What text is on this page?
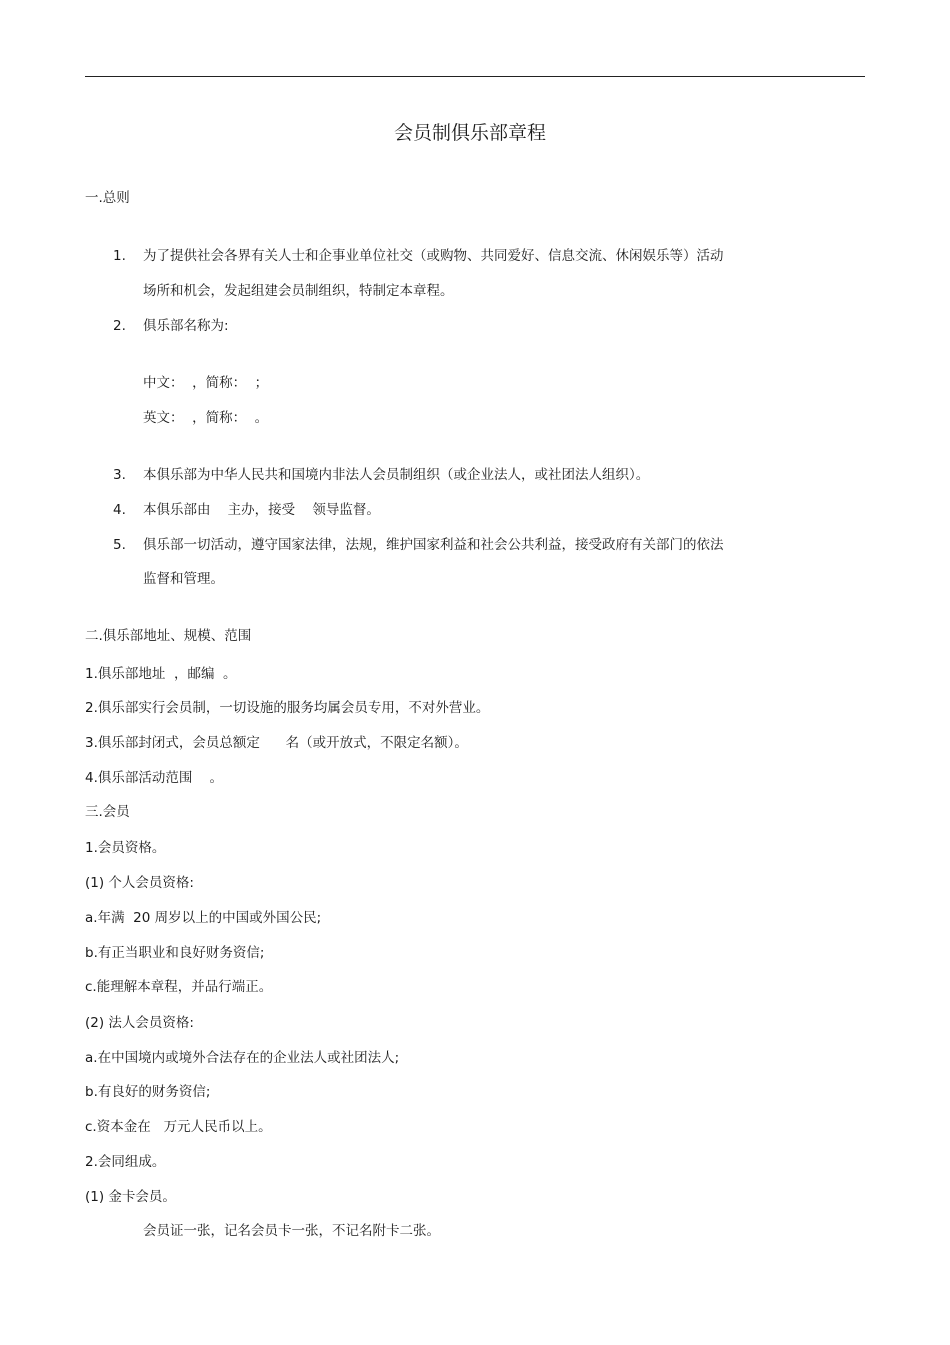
会员制俱乐部章程
一.总则
1. 为了提供社会各界有关人士和企事业单位社交（或购物、共同爱好、信息交流、休闲娱乐等）活动
场所和机会，发起组建会员制组织，特制定本章程。
2. 俱乐部名称为:
中文：  ，简称：  ；
英文：  ，简称：  。
3. 本俱乐部为中华人民共和国境内非法人会员制组织（或企业法人，或社团法人组织）。
4. 本俱乐部由    主办，接受    领导监督。
5. 俱乐部一切活动，遵守国家法律，法规，维护国家利益和社会公共利益，接受政府有关部门的依法
监督和管理。
二.俱乐部地址、规模、范围
1.俱乐部地址  ，邮编  。
2.俱乐部实行会员制，一切设施的服务均属会员专用，不对外营业。
3.俱乐部封闭式，会员总额定      名（或开放式，不限定名额）。
4.俱乐部活动范围    。
三.会员
1.会员资格。
(1) 个人会员资格:
a.年满  20 周岁以上的中国或外国公民;
b.有正当职业和良好财务资信;
c.能理解本章程，并品行端正。
(2) 法人会员资格:
a.在中国境内或境外合法存在的企业法人或社团法人;
b.有良好的财务资信;
c.资本金在   万元人民币以上。
2.会同组成。
(1) 金卡会员。
会员证一张，记名会员卡一张，不记名附卡二张。
